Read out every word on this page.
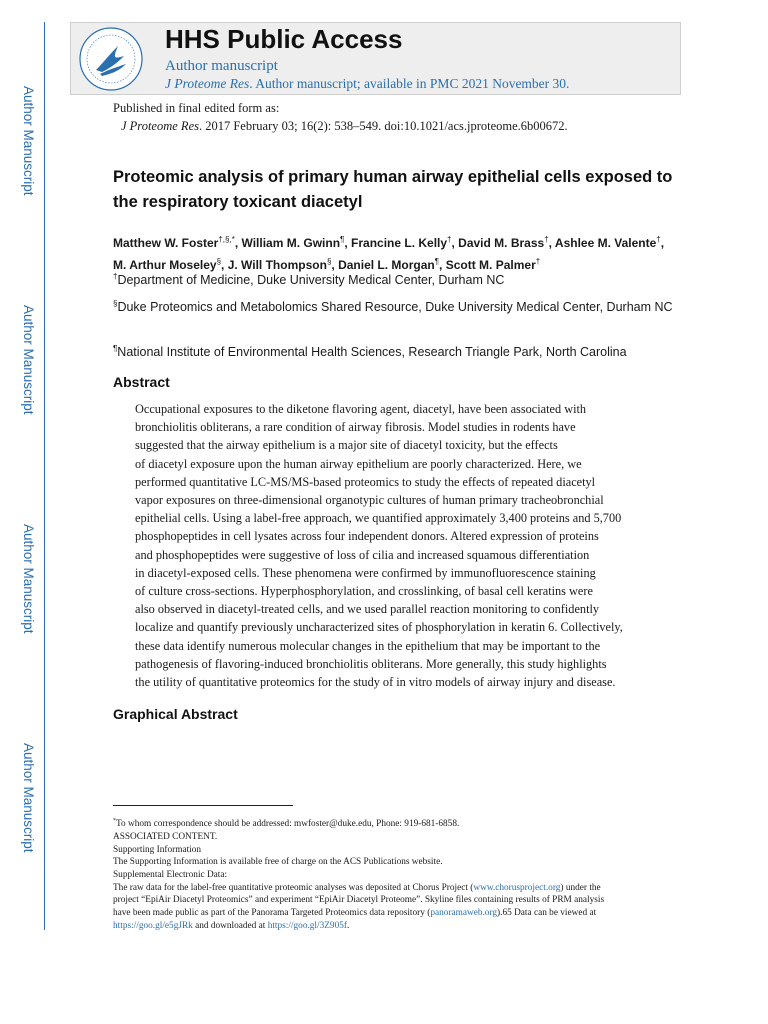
Author Manuscript
Author Manuscript
Author Manuscript
Author Manuscript
HHS Public Access
Author manuscript
J Proteome Res. Author manuscript; available in PMC 2021 November 30.
Published in final edited form as:
J Proteome Res. 2017 February 03; 16(2): 538–549. doi:10.1021/acs.jproteome.6b00672.
Proteomic analysis of primary human airway epithelial cells exposed to the respiratory toxicant diacetyl
Matthew W. Foster†,§,*, William M. Gwinn¶, Francine L. Kelly†, David M. Brass†, Ashlee M. Valente†, M. Arthur Moseley§, J. Will Thompson§, Daniel L. Morgan¶, Scott M. Palmer†
†Department of Medicine, Duke University Medical Center, Durham NC
§Duke Proteomics and Metabolomics Shared Resource, Duke University Medical Center, Durham NC
¶National Institute of Environmental Health Sciences, Research Triangle Park, North Carolina
Abstract
Occupational exposures to the diketone flavoring agent, diacetyl, have been associated with
bronchiolitis obliterans, a rare condition of airway fibrosis. Model studies in rodents have
suggested that the airway epithelium is a major site of diacetyl toxicity, but the effects
of diacetyl exposure upon the human airway epithelium are poorly characterized. Here, we
performed quantitative LC-MS/MS-based proteomics to study the effects of repeated diacetyl
vapor exposures on three-dimensional organotypic cultures of human primary tracheobronchial
epithelial cells. Using a label-free approach, we quantified approximately 3,400 proteins and 5,700
phosphopeptides in cell lysates across four independent donors. Altered expression of proteins
and phosphopeptides were suggestive of loss of cilia and increased squamous differentiation
in diacetyl-exposed cells. These phenomena were confirmed by immunofluorescence staining
of culture cross-sections. Hyperphosphorylation, and crosslinking, of basal cell keratins were
also observed in diacetyl-treated cells, and we used parallel reaction monitoring to confidently
localize and quantify previously uncharacterized sites of phosphorylation in keratin 6. Collectively,
these data identify numerous molecular changes in the epithelium that may be important to the
pathogenesis of flavoring-induced bronchiolitis obliterans. More generally, this study highlights
the utility of quantitative proteomics for the study of in vitro models of airway injury and disease.
Graphical Abstract
*To whom correspondence should be addressed: mwfoster@duke.edu, Phone: 919-681-6858.
ASSOCIATED CONTENT.
Supporting Information
The Supporting Information is available free of charge on the ACS Publications website.
Supplemental Electronic Data:
The raw data for the label-free quantitative proteomic analyses was deposited at Chorus Project (www.chorusproject.org) under the
project “EpiAir Diacetyl Proteomics” and experiment “EpiAir Diacetyl Proteome”. Skyline files containing results of PRM analysis
have been made public as part of the Panorama Targeted Proteomics data repository (panoramaweb.org).65 Data can be viewed at
https://goo.gl/e5gJRk and downloaded at https://goo.gl/3Z905f.
